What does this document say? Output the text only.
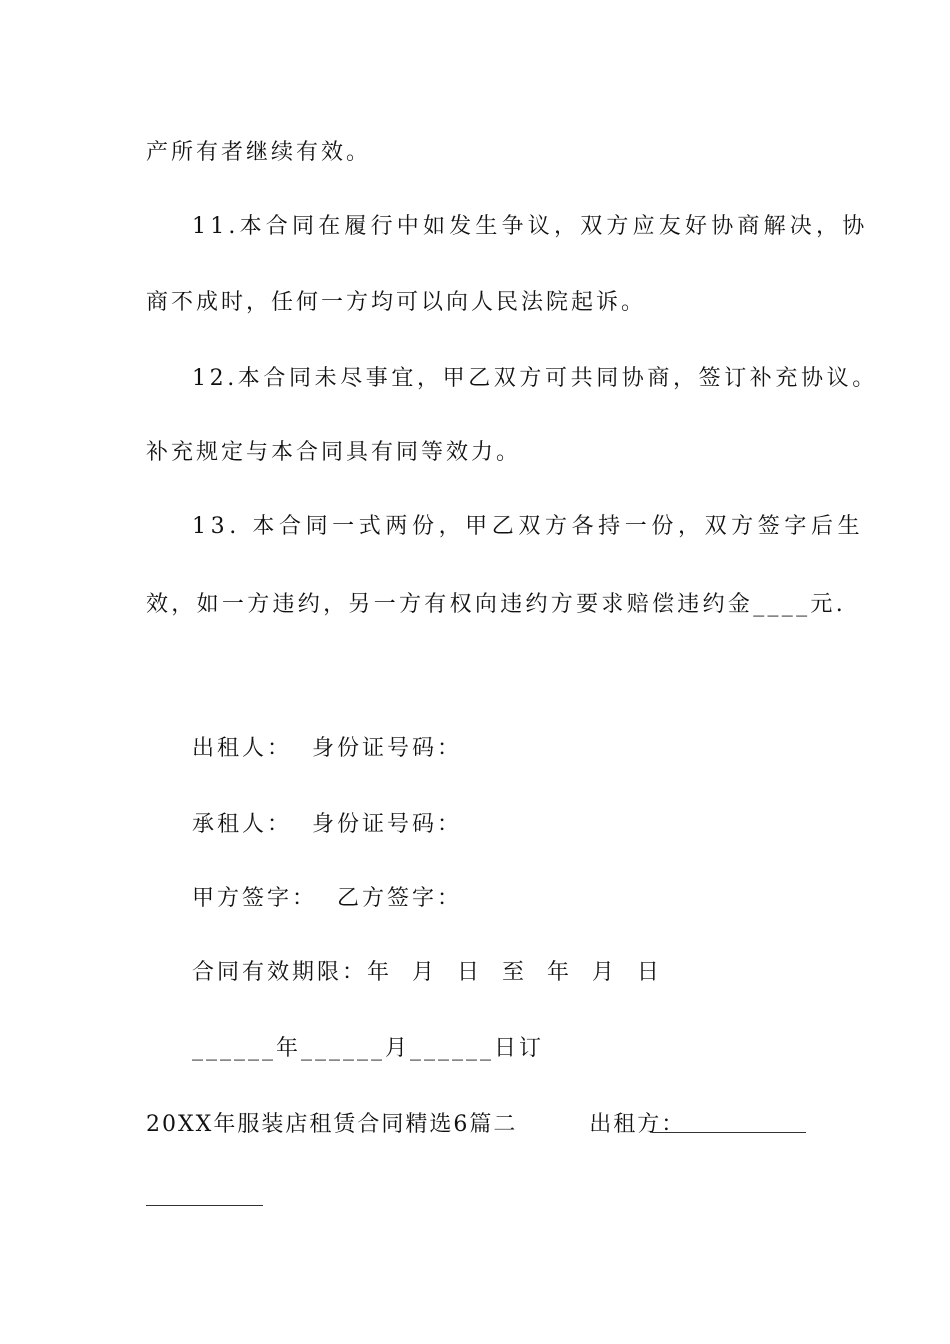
产所有者继续有效。

11.本合同在履行中如发生争议，双方应友好协商解决，协

商不成时，任何一方均可以向人民法院起诉。

12.本合同未尽事宜，甲乙双方可共同协商，签订补充协议。

补充规定与本合同具有同等效力。

13. 本合同一式两份，甲乙双方各持一份，双方签字后生

效，如一方违约，另一方有权向违约方要求赔偿违约金____元.

出租人：  身份证号码：

承租人：  身份证号码：

甲方签字：  乙方签字：

合同有效期限：年  月  日  至  年  月  日

______年______月______日订

20XX年服装店租赁合同精选6篇二        出租方：
